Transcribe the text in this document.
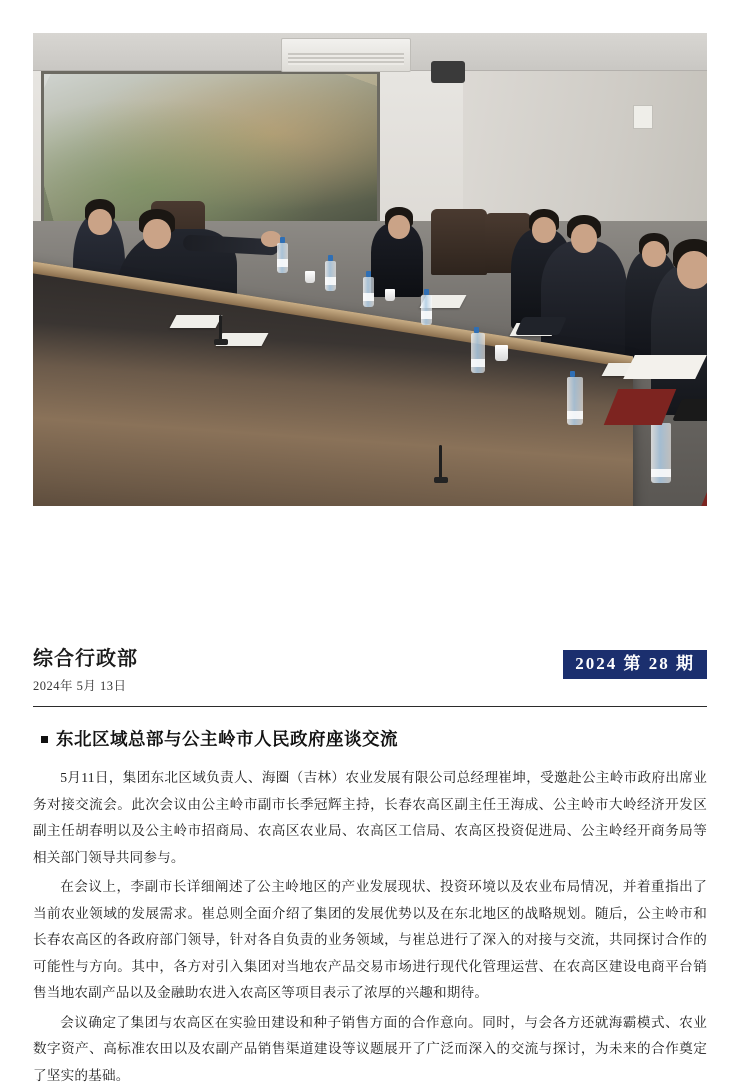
综合行政部
2024年 5月 13日
2024 第 28 期
东北区域总部与公主岭市人民政府座谈交流

5月11日，集团东北区域负责人、海圈（吉林）农业发展有限公司总经理崔坤，受邀赴公主岭市政府出席业务对接交流会。此次会议由公主岭市副市长季冠辉主持，长春农高区副主任王海成、公主岭市大岭经济开发区副主任胡春明以及公主岭市招商局、农高区农业局、农高区工信局、农高区投资促进局、公主岭经开商务局等相关部门领导共同参与。

在会议上，李副市长详细阐述了公主岭地区的产业发展现状、投资环境以及农业布局情况，并着重指出了当前农业领域的发展需求。崔总则全面介绍了集团的发展优势以及在东北地区的战略规划。随后，公主岭市和长春农高区的各政府部门领导，针对各自负责的业务领域，与崔总进行了深入的对接与交流，共同探讨合作的可能性与方向。其中，各方对引入集团对当地农产品交易市场进行现代化管理运营、在农高区建设电商平台销售当地农副产品以及金融助农进入农高区等项目表示了浓厚的兴趣和期待。

会议确定了集团与农高区在实验田建设和种子销售方面的合作意向。同时，与会各方还就海霸模式、农业数字资产、高标准农田以及农副产品销售渠道建设等议题展开了广泛而深入的交流与探讨，为未来的合作奠定了坚实的基础。
